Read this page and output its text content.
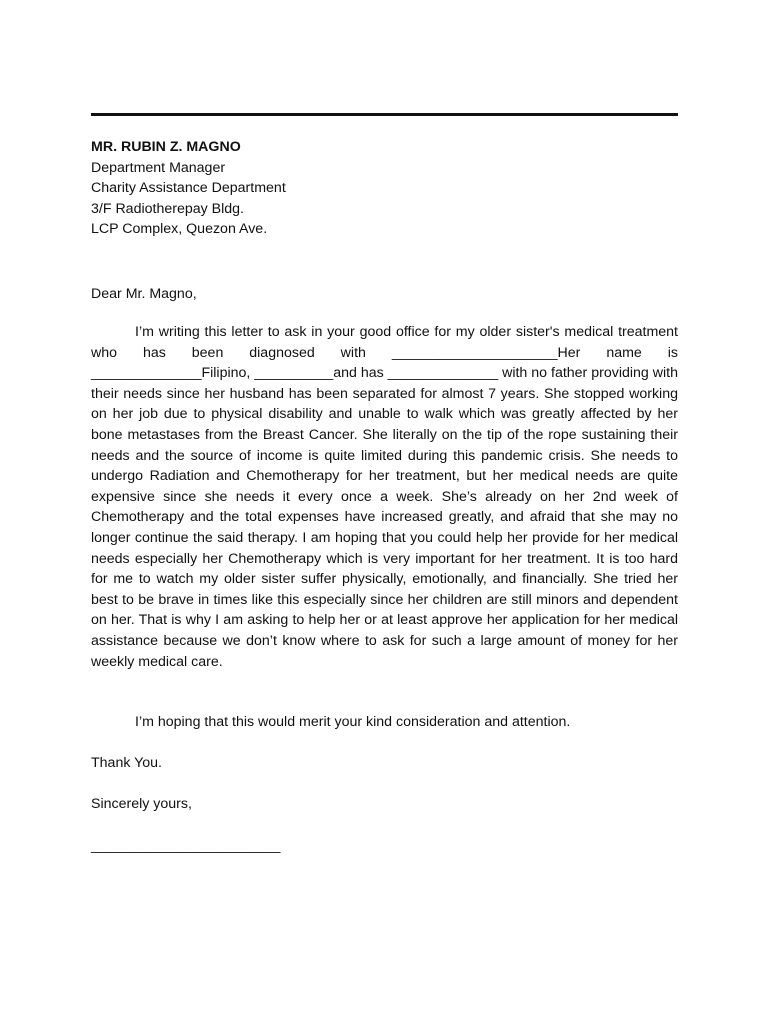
MR. RUBIN Z. MAGNO
Department Manager
Charity Assistance Department
3/F Radiotherepay Bldg.
LCP Complex, Quezon Ave.
Dear Mr. Magno,
I’m writing this letter to ask in your good office for my older sister's medical treatment who has been diagnosed with _____________________Her name is ______________Filipino, __________and has ______________ with no father providing with their needs since her husband has been separated for almost 7 years. She stopped working on her job due to physical disability and unable to walk which was greatly affected by her bone metastases from the Breast Cancer. She literally on the tip of the rope sustaining their needs and the source of income is quite limited during this pandemic crisis. She needs to undergo Radiation and Chemotherapy for her treatment, but her medical needs are quite expensive since she needs it every once a week. She’s already on her 2nd week of Chemotherapy and the total expenses have increased greatly, and afraid that she may no longer continue the said therapy. I am hoping that you could help her provide for her medical needs especially her Chemotherapy which is very important for her treatment. It is too hard for me to watch my older sister suffer physically, emotionally, and financially. She tried her best to be brave in times like this especially since her children are still minors and dependent on her. That is why I am asking to help her or at least approve her application for her medical assistance because we don’t know where to ask for such a large amount of money for her weekly medical care.
I’m hoping that this would merit your kind consideration and attention.
Thank You.
Sincerely yours,
________________________
